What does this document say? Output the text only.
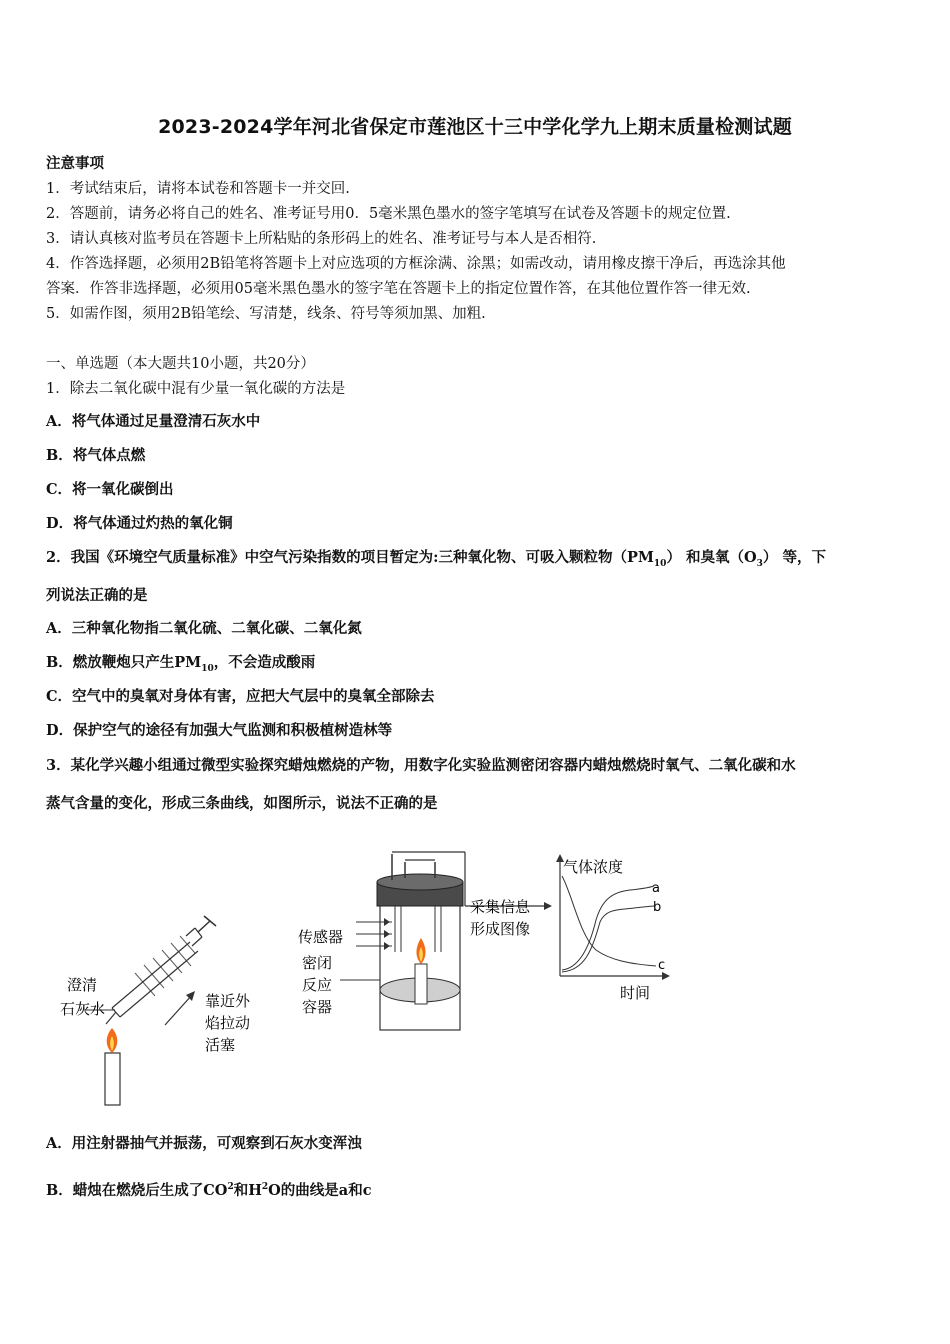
2023-2024学年河北省保定市莲池区十三中学化学九上期末质量检测试题
注意事项
1．考试结束后，请将本试卷和答题卡一并交回.
2．答题前，请务必将自己的姓名、准考证号用0．5毫米黑色墨水的签字笔填写在试卷及答题卡的规定位置.
3．请认真核对监考员在答题卡上所粘贴的条形码上的姓名、准考证号与本人是否相符.
4．作答选择题，必须用2B铅笔将答题卡上对应选项的方框涂满、涂黑；如需改动，请用橡皮擦干净后，再选涂其他
答案．作答非选择题，必须用05毫米黑色墨水的签字笔在答题卡上的指定位置作答，在其他位置作答一律无效.
5．如需作图，须用2B铅笔绘、写清楚，线条、符号等须加黑、加粗.
一、单选题（本大题共10小题，共20分）
1．除去二氧化碳中混有少量一氧化碳的方法是
A．将气体通过足量澄清石灰水中
B．将气体点燃
C．将一氧化碳倒出
D．将气体通过灼热的氧化铜
2．我国《环境空气质量标准》中空气污染指数的项目暂定为:三种氧化物、可吸入颗粒物$(PM_{10})$ 和臭氧$(O_3)$ 等，下
列说法正确的是
A．三种氧化物指二氧化硫、二氧化碳、二氧化氮
B．燃放鞭炮只产生$PM_{10}$，不会造成酸雨
C．空气中的臭氧对身体有害，应把大气层中的臭氧全部除去
D．保护空气的途径有加强大气监测和积极植树造林等
3．某化学兴趣小组通过微型实验探究蜡烛燃烧的产物，用数字化实验监测密闭容器内蜡烛燃烧时氧气、二氧化碳和水
蒸气含量的变化，形成三条曲线，如图所示，说法不正确的是
澄清
石灰水	靠近外
焰拉动
活塞
传感器
密闭
反应
容器
采集信息
形成图像
气体浓度
时间
a
b
c
A．用注射器抽气并振荡，可观察到石灰水变浑浊
B．蜡烛在燃烧后生成了$CO^2$和$H^2O$的曲线是a和c
